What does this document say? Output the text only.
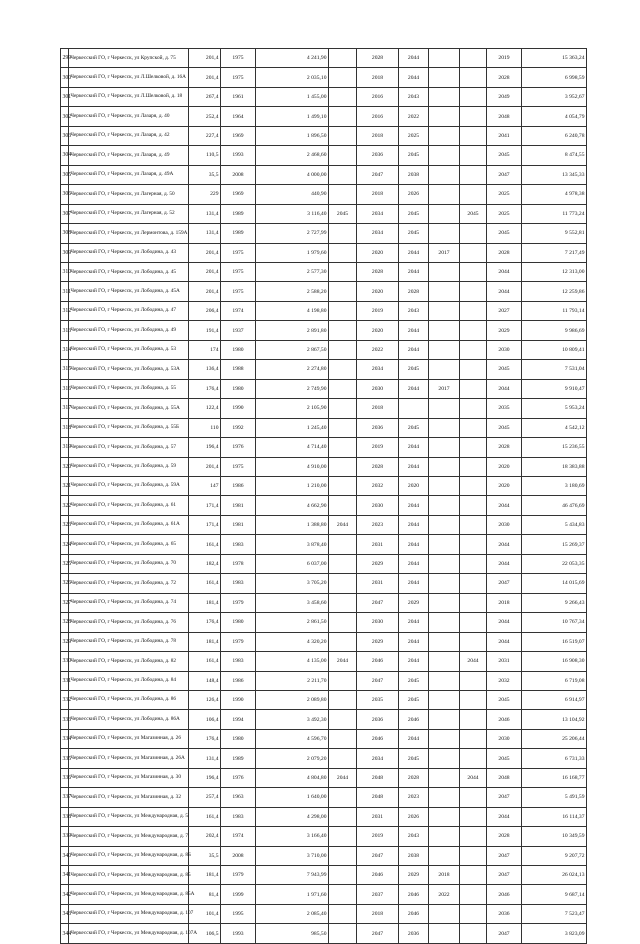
299	Черкесский ГО, г Черкесск, ул Крупской, д. 75	201,4	1975	4 241,90		2028	2044			2019	15 363,24
300	Черкесский ГО, г Черкесск, ул Л.Шелковой, д. 16А	201,4	1975	2 035,10		2018	2044			2028	6 998,59
301	Черкесский ГО, г Черкесск, ул Л.Шелковой, д. 18	267,4	1961	1 455,00		2016	2043			2049	3 952,67
302	Черкесский ГО, г Черкесск, ул Лазаря, д. 40	252,4	1964	1 499,10		2016	2022			2048	4 054,79
303	Черкесский ГО, г Черкесск, ул Лазаря, д. 42	227,4	1969	1 896,50		2018	2025			2041	6 240,78
304	Черкесский ГО, г Черкесск, ул Лазаря, д. 49	110,5	1993	2 468,60		2036	2045			2045	8 474,55
305	Черкесский ГО, г Черкесск, ул Лазаря, д. 49А	35,5	2008	4 000,00		2047	2038			2047	13 345,33
306	Черкесский ГО, г Черкесск, ул Лагерная, д. 50	229	1969	440,90		2018	2026			2025	4 978,38
307	Черкесский ГО, г Черкесск, ул Лагерная, д. 52	131,4	1989	3 116,40	2045	2034	2045		2045	2025	11 773,24
308	Черкесский ГО, г Черкесск, ул Лермонтова, д. 159А	131,4	1989	2 727,99		2034	2045			2045	9 552,81
309	Черкесский ГО, г Черкесск, ул Лободина, д. 43	201,4	1975	1 979,60		2020	2044	2017		2028	7 217,49
310	Черкесский ГО, г Черкесск, ул Лободина, д. 45	201,4	1975	2 577,30		2028	2044			2044	12 313,00
311	Черкесский ГО, г Черкесск, ул Лободина, д. 45А	201,4	1975	2 588,20		2020	2028			2044	12 259,86
312	Черкесский ГО, г Черкесск, ул Лободина, д. 47	206,4	1974	4 198,80		2019	2043			2027	11 793,14
313	Черкесский ГО, г Черкесск, ул Лободина, д. 49	191,4	1937	2 891,80		2020	2044			2029	9 986,69
314	Черкесский ГО, г Черкесск, ул Лободина, д. 53	174	1980	2 867,50		2022	2044			2030	10 809,41
315	Черкесский ГО, г Черкесск, ул Лободина, д. 53А	136,4	1988	2 274,80		2034	2045			2045	7 531,04
316	Черкесский ГО, г Черкесск, ул Лободина, д. 55	176,4	1980	2 749,90		2030	2044	2017		2044	9 910,47
317	Черкесский ГО, г Черкесск, ул Лободина, д. 55А	122,4	1990	2 105,90		2018				2035	5 953,24
318	Черкесский ГО, г Черкесск, ул Лободина, д. 55Б	110	1992	1 245,40		2036	2045			2045	4 542,12
319	Черкесский ГО, г Черкесск, ул Лободина, д. 57	196,4	1976	4 714,40		2019	2044			2028	15 236,55
320	Черкесский ГО, г Черкесск, ул Лободина, д. 59	201,4	1975	4 910,00		2028	2044			2020	18 383,88
321	Черкесский ГО, г Черкесск, ул Лободина, д. 59А	147	1986	1 210,00		2032	2020			2020	3 180,69
322	Черкесский ГО, г Черкесск, ул Лободина, д. 61	171,4	1981	4 662,90		2030	2044			2044	46 476,69
323	Черкесский ГО, г Черкесск, ул Лободина, д. 61А	171,4	1981	1 388,80	2044	2023	2044			2030	5 434,83
324	Черкесский ГО, г Черкесск, ул Лободина, д. 65	161,4	1983	3 878,40		2031	2044			2044	15 269,37
325	Черкесский ГО, г Черкесск, ул Лободина, д. 70	182,4	1978	6 037,00		2029	2044			2044	22 053,35
326	Черкесский ГО, г Черкесск, ул Лободина, д. 72	161,4	1983	3 705,20		2031	2044			2047	14 015,69
327	Черкесский ГО, г Черкесск, ул Лободина, д. 74	181,4	1979	3 458,60		2047	2029			2018	9 266,43
328	Черкесский ГО, г Черкесск, ул Лободина, д. 76	176,4	1980	2 861,50		2030	2044			2044	10 767,34
329	Черкесский ГО, г Черкесск, ул Лободина, д. 78	181,4	1979	4 320,20		2029	2044			2044	16 519,07
330	Черкесский ГО, г Черкесск, ул Лободина, д. 82	161,4	1983	4 135,00	2044	2046	2044		2044	2031	16 908,30
331	Черкесский ГО, г Черкесск, ул Лободина, д. 84	148,4	1986	2 211,70		2047	2045			2032	6 719,08
332	Черкесский ГО, г Черкесск, ул Лободина, д. 86	126,4	1990	2 089,80		2035	2045			2045	6 914,97
333	Черкесский ГО, г Черкесск, ул Лободина, д. 86А	106,4	1994	3 492,30		2036	2046			2046	13 104,92
334	Черкесский ГО, г Черкесск, ул Магазинная, д. 26	176,4	1980	4 596,70		2046	2044			2030	25 206,44
335	Черкесский ГО, г Черкесск, ул Магазинная, д. 26А	131,4	1989	2 079,20		2034	2045			2045	6 731,33
336	Черкесский ГО, г Черкесск, ул Магазинная, д. 30	196,4	1976	4 804,80	2044	2048	2028		2044	2048	16 168,77
337	Черкесский ГО, г Черкесск, ул Магазинная, д. 32	257,4	1963	1 640,00		2048	2023			2047	5 491,59
338	Черкесский ГО, г Черкесск, ул Международная, д. 5	161,4	1983	4 298,00		2031	2026			2044	16 114,37
339	Черкесский ГО, г Черкесск, ул Международная, д. 7	202,4	1974	3 166,40		2019	2043			2028	10 349,59
340	Черкесский ГО, г Черкесск, ул Международная, д. 8Б	35,5	2008	3 710,00		2047	2038			2047	9 207,72
341	Черкесский ГО, г Черкесск, ул Международная, д. 85	181,4	1979	7 943,99		2046	2029	2018		2047	26 024,13
342	Черкесский ГО, г Черкесск, ул Международная, д. 85А	81,4	1999	1 971,60		2037	2046	2022		2046	9 687,14
343	Черкесский ГО, г Черкесск, ул Международная, д. 107	101,4	1995	2 085,40		2018	2046			2036	7 523,47
344	Черкесский ГО, г Черкесск, ул Международная, д. 107А	106,5	1993	985,50		2047	2036			2047	3 823,09
